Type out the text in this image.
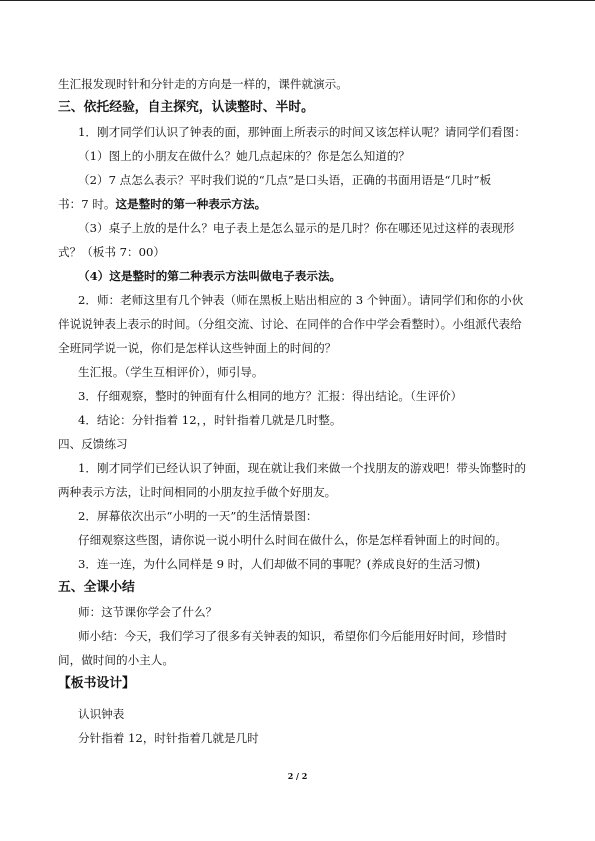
生汇报发现时针和分针走的方向是一样的，课件就演示。
三、依托经验，自主探究，认读整时、半时。
1．刚才同学们认识了钟表的面，那钟面上所表示的时间又该怎样认呢？请同学们看图：
（1）图上的小朋友在做什么？她几点起床的？你是怎么知道的？
（2）7 点怎么表示？平时我们说的“几点”是口头语，正确的书面用语是“几时”板
书：7 时。这是整时的第一种表示方法。
（3）桌子上放的是什么？电子表上是怎么显示的是几时？你在哪还见过这样的表现形
式？（板书 7：00）
（4）这是整时的第二种表示方法叫做电子表示法。
2．师：老师这里有几个钟表（师在黑板上贴出相应的 3 个钟面）。请同学们和你的小伙
伴说说钟表上表示的时间。（分组交流、讨论、在同伴的合作中学会看整时）。小组派代表给
全班同学说一说，你们是怎样认这些钟面上的时间的？
生汇报。（学生互相评价），师引导。
3．仔细观察，整时的钟面有什么相同的地方？汇报：得出结论。（生评价）
4．结论：分针指着 12，，时针指着几就是几时整。
四、反馈练习
1．刚才同学们已经认识了钟面，现在就让我们来做一个找朋友的游戏吧！带头饰整时的
两种表示方法，让时间相同的小朋友拉手做个好朋友。
2．屏幕依次出示“小明的一天”的生活情景图：
仔细观察这些图，请你说一说小明什么时间在做什么，你是怎样看钟面上的时间的。
3．连一连，为什么同样是 9 时，人们却做不同的事呢？(养成良好的生活习惯)
五、全课小结
师：这节课你学会了什么？
师小结：今天，我们学习了很多有关钟表的知识，希望你们今后能用好时间，珍惜时
间，做时间的小主人。
【板书设计】
认识钟表
分针指着 12，时针指着几就是几时
2 / 2
